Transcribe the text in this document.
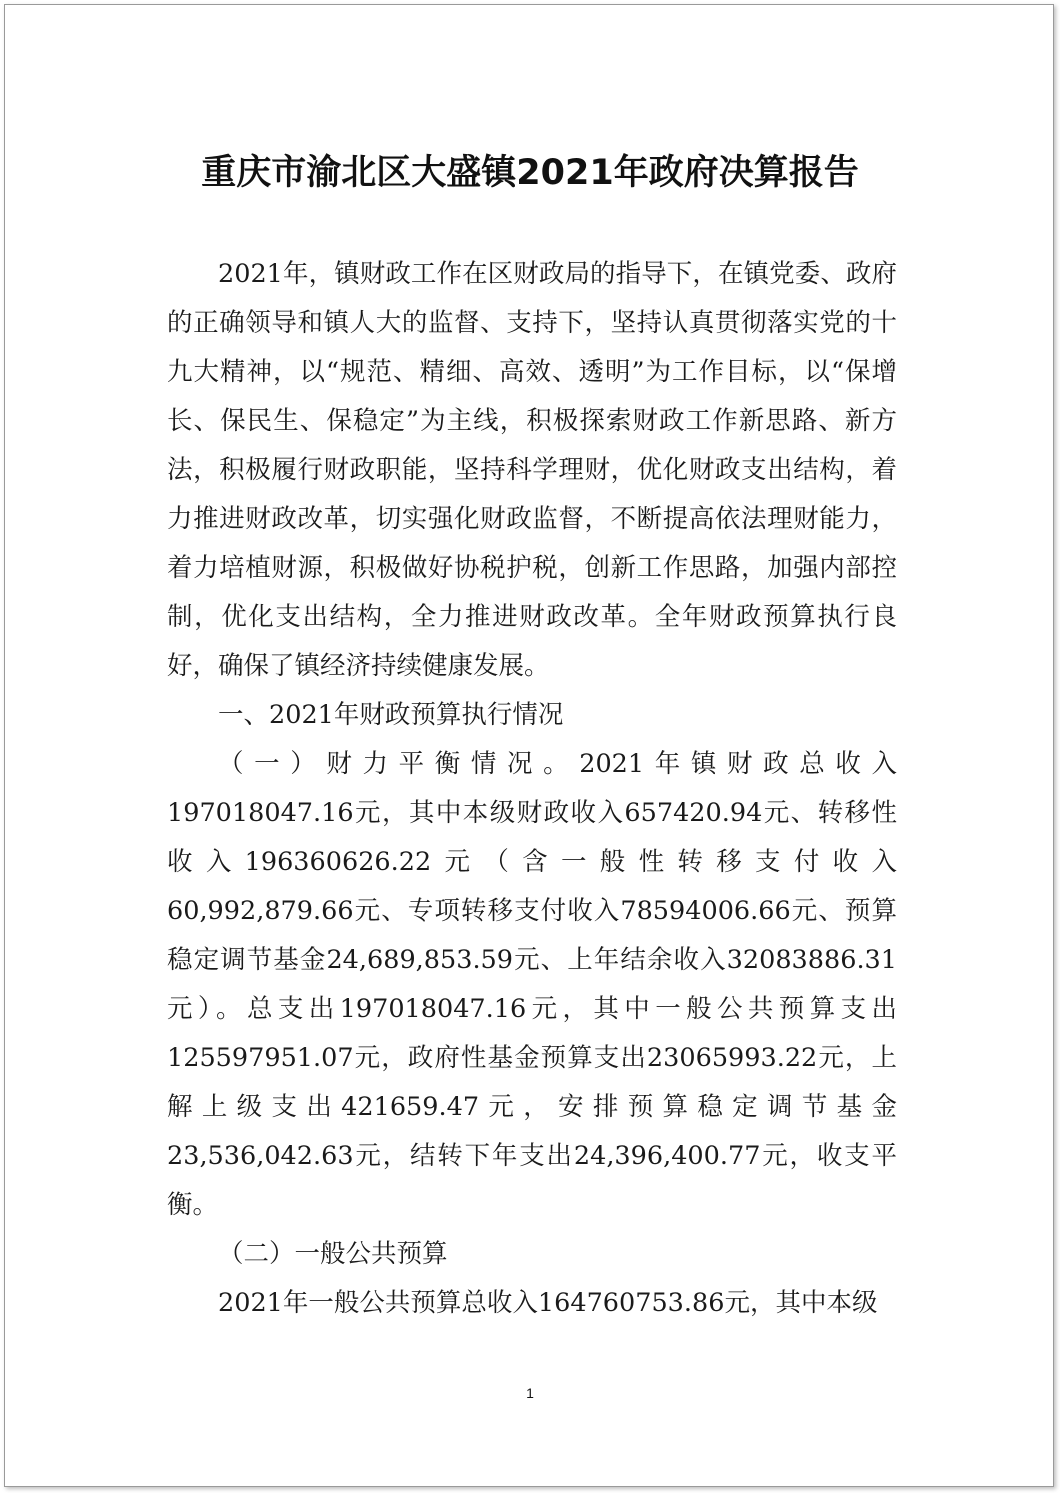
重庆市渝北区大盛镇2021年政府决算报告

2021年，镇财政工作在区财政局的指导下，在镇党委、政府的正确领导和镇人大的监督、支持下，坚持认真贯彻落实党的十九大精神，以“规范、精细、高效、透明”为工作目标，以“保增长、保民生、保稳定”为主线，积极探索财政工作新思路、新方法，积极履行财政职能，坚持科学理财，优化财政支出结构，着力推进财政改革，切实强化财政监督，不断提高依法理财能力，着力培植财源，积极做好协税护税，创新工作思路，加强内部控制，优化支出结构，全力推进财政改革。全年财政预算执行良好，确保了镇经济持续健康发展。

一、2021年财政预算执行情况

（一）财力平衡情况。2021年镇财政总收入197018047.16元，其中本级财政收入657420.94元、转移性收入196360626.22元（含一般性转移支付收入60,992,879.66元、专项转移支付收入78594006.66元、预算稳定调节基金24,689,853.59元、上年结余收入32083886.31元）。总支出197018047.16元，其中一般公共预算支出125597951.07元，政府性基金预算支出23065993.22元，上解上级支出421659.47元，安排预算稳定调节基金23,536,042.63元，结转下年支出24,396,400.77元，收支平衡。

（二）一般公共预算

2021年一般公共预算总收入164760753.86元，其中本级

1
